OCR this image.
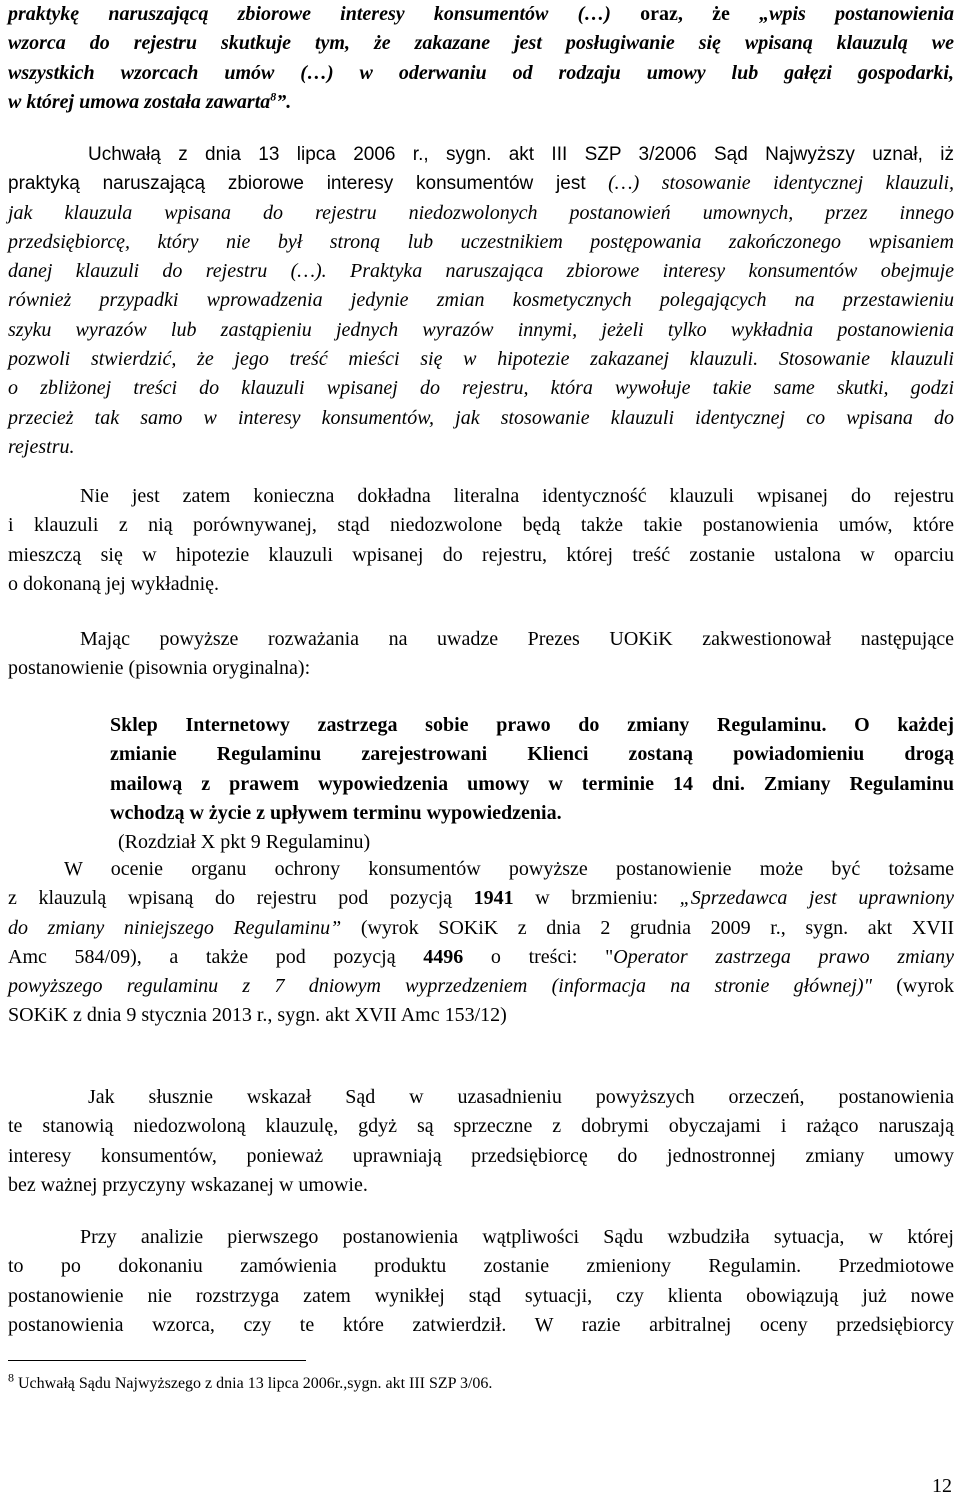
praktykę naruszającą zbiorowe interesy konsumentów (…) oraz, że „wpis postanowienia
wzorca do rejestru skutkuje tym, że zakazane jest posługiwanie się wpisaną klauzulą we
wszystkich wzorcach umów (…) w oderwaniu od rodzaju umowy lub gałęzi gospodarki,
w której umowa została zawarta$^8$”.
Uchwałą z dnia 13 lipca 2006 r., sygn. akt III SZP 3/2006 Sąd Najwyższy uznał, iż
praktyką naruszającą zbiorowe interesy konsumentów jest (…) stosowanie identycznej klauzuli,
jak klauzula wpisana do rejestru niedozwolonych postanowień umownych, przez innego
przedsiębiorcę, który nie był stroną lub uczestnikiem postępowania zakończonego wpisaniem
danej klauzuli do rejestru (…). Praktyka naruszająca zbiorowe interesy konsumentów obejmuje
również przypadki wprowadzenia jedynie zmian kosmetycznych polegających na przestawieniu
szyku wyrazów lub zastąpieniu jednych wyrazów innymi, jeżeli tylko wykładnia postanowienia
pozwoli stwierdzić, że jego treść mieści się w hipotezie zakazanej klauzuli. Stosowanie klauzuli
o zbliżonej treści do klauzuli wpisanej do rejestru, która wywołuje takie same skutki, godzi
przecież tak samo w interesy konsumentów, jak stosowanie klauzuli identycznej co wpisana do
rejestru.
Nie jest zatem konieczna dokładna literalna identyczność klauzuli wpisanej do rejestru
i klauzuli z nią porównywanej, stąd niedozwolone będą także takie postanowienia umów, które
mieszczą się w hipotezie klauzuli wpisanej do rejestru, której treść zostanie ustalona w oparciu
o dokonaną jej wykładnię.
Mając powyższe rozważania na uwadze Prezes UOKiK zakwestionował następujące
postanowienie (pisownia oryginalna):
Sklep Internetowy zastrzega sobie prawo do zmiany Regulaminu. O każdej
zmianie Regulaminu zarejestrowani Klienci zostaną powiadomieniu drogą
mailową z prawem wypowiedzenia umowy w terminie 14 dni. Zmiany Regulaminu
wchodzą w życie z upływem terminu wypowiedzenia.
(Rozdział X pkt 9 Regulaminu)
W ocenie organu ochrony konsumentów powyższe postanowienie może być tożsame
z klauzulą wpisaną do rejestru pod pozycją 1941 w brzmieniu: „Sprzedawca jest uprawniony
do zmiany niniejszego Regulaminu” (wyrok SOKiK z dnia 2 grudnia 2009 r., sygn. akt XVII
Amc 584/09), a także pod pozycją 4496 o treści: "Operator zastrzega prawo zmiany
powyższego regulaminu z 7 dniowym wyprzedzeniem (informacja na stronie głównej)" (wyrok
SOKiK z dnia 9 stycznia 2013 r., sygn. akt XVII Amc 153/12)
Jak słusznie wskazał Sąd w uzasadnieniu powyższych orzeczeń, postanowienia
te stanowią niedozwoloną klauzulę, gdyż są sprzeczne z dobrymi obyczajami i rażąco naruszają
interesy konsumentów, ponieważ uprawniają przedsiębiorcę do jednostronnej zmiany umowy
bez ważnej przyczyny wskazanej w umowie.
Przy analizie pierwszego postanowienia wątpliwości Sądu wzbudziła sytuacja, w której
to po dokonaniu zamówienia produktu zostanie zmieniony Regulamin. Przedmiotowe
postanowienie nie rozstrzyga zatem wynikłej stąd sytuacji, czy klienta obowiązują już nowe
postanowienia wzorca, czy te które zatwierdził. W razie arbitralnej oceny przedsiębiorcy
$^8$ Uchwałą Sądu Najwyższego z dnia 13 lipca 2006r.,sygn. akt III SZP 3/06.
12
